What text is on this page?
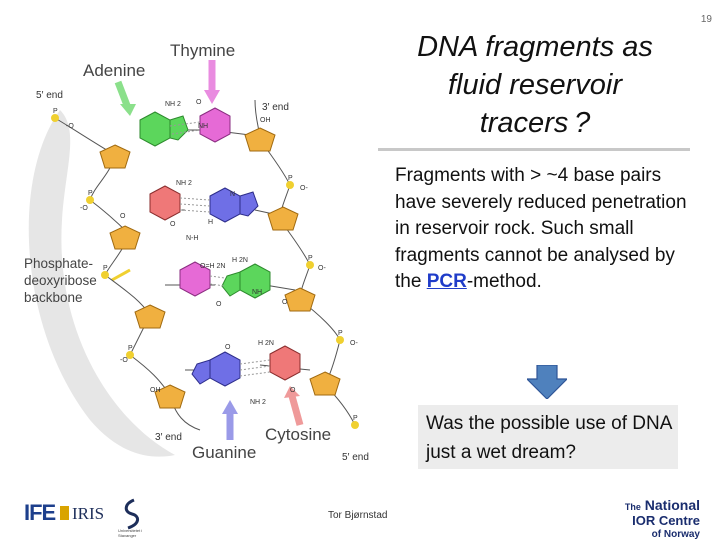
19
Adenine
Thymine
Guanine
Cytosine
Phosphate-
deoxyribose
backbone
5′ end
3′ end
3′ end
5′ end
NH 2 O
OH
NH 2
O
N-H
O=H 2N
H 2N
O
H 2N
O
NH 2
O
OH
-O
-O
-O
O-
O-
O-
P
P
P
P
P
P
P
P
NH
NH
H
N
O
O
DNA fragments as
fluid reservoir
tracers ?
Fragments with > ~4 base pairs have severely reduced penetration in reservoir rock. Such small fragments cannot be analysed by the PCR-method.
Was the possible use of DNA just a wet dream?
IFE IRIS
Universitetet i Stavanger
Tor Bjørnstad
The National
IOR Centre
of Norway
